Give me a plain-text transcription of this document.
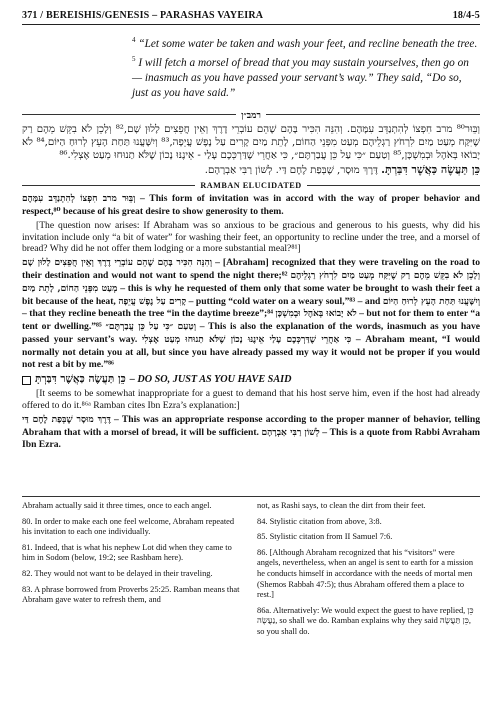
371 / BEREISHIS/GENESIS – PARASHAS VAYEIRA	18/4-5
$^4$ “Let some water be taken and wash your feet, and recline beneath the tree. $^5$ I will fetch a morsel of bread that you may sustain yourselves, then go on — inasmuch as you have passed your servant’s way.” They said, “Do so, just as you have said.”
רמב״ן
וְבֵּוּר⁸⁰ מרב חִפְצוֹ לְהִתְנַדֵּב עִמָּהֶם. וְהִנֵּה הִכִּיר בָּהֶם שֶׁהֵם עוֹבְרֵי דֶרֶךְ וְאֵין חֲפֵצִים לָלוּן שָׁם,⁸² וְלָכֵן לֹא בִקֵּשׁ מֵהֶם רַק שֶׁיִּקַּח מְעַט מַיִם לִרְחֹץ רַגְלֵיהֶם מְעַט מִפְּנֵי הַחוֹם, לָתֵת מַיִם קָרִים עַל נֶפֶשׁ עֲיֵפָה,⁸³ וְיִשָּׁעֲנוּ תַּחַת הָעֵץ לְרוּחַ הַיּוֹם,⁸⁴ לֹא יָבוֹאוּ בְּאֹהֶל וּבְמִשְׁכָּן,⁸⁵ וְטַעַם ״כִּי עַל כֵּן עֲבַרְתֶּם״, כִּי אַחֲרֵי שֶׁדַּרְכְּכֶם עָלַי - אֵינֶנּוּ נָכוֹן שֶׁלֹּא תַנוּחוּ מְעַט אֶצְלִי.⁸⁶
כֵּן תַּעֲשֶׂה כַּאֲשֶׁר דִּבַּרְתָּ. דֶּרֶךְ מוּסָר, שֶׁבְּפַת לֶחֶם דַּי. לְשׁוֹן רַבִּי אַבְרָהָם.
RAMBAN ELUCIDATED

וְבֵּוּר מרב חִפְצוֹ לְהִתְנַדֵּב עִמָּהֶם – This form of invitation was in accord with the way of proper behavior and respect,⁸⁰ because of his great desire to show generosity to them.

[The question now arises: If Abraham was so anxious to be gracious and generous to his guests, why did his invitation include only “a bit of water” for washing their feet, an opportunity to recline under the tree, and a morsel of bread? Why did he not offer them lodging or a more substantial meal?⁸¹]

וְהִנֵּה הִכִּיר בָּהֶם שֶׁהֵם עוֹבְרֵי דֶרֶךְ וְאֵין חֲפֵצִים לָלוּן שָׁם – [Abraham] recognized that they were traveling on the road to their destination and would not want to spend the night there;⁸² וְלָכֵן לֹא בִקֵּשׁ מֵהֶם רַק שֶׁיִּקַּח מְעַט מַיִם לִרְחֹץ רַגְלֵיהֶם מְעַט מִפְּנֵי הַחוֹם, לָתֵת מַיִם – this is why he requested of them only that some water be brought to wash their feet a bit because of the heat, קָרִים עַל נֶפֶשׁ עֲיֵפָה – putting “cold water on a weary soul,”⁸³ – and וְיִשָּׁעֲנוּ תַּחַת הָעֵץ לְרוּחַ הַיּוֹם – that they recline beneath the tree “in the daytime breeze”;⁸⁴ לֹא יָבוֹאוּ בְּאֹהֶל וּבְמִשְׁכָּן – but not for them to enter “a tent or dwelling.”⁸⁵ וְטַעַם ״כִּי עַל כֵּן עֲבַרְתֶּם״ – This is also the explanation of the words, inasmuch as you have passed your servant’s way. כִּי אַחֲרֵי שֶׁדַּרְכְּכֶם עָלַי אֵינֶנּוּ נָכוֹן שֶׁלֹּא תַנוּחוּ מְעַט אֶצְלִי – Abraham meant, “I would normally not detain you at all, but since you have already passed my way it would not be proper if you would not rest a bit by me.”⁸⁶

כֵּן תַּעֲשֶׂה כַּאֲשֶׁר דִּבַּרְתָּ – DO SO, JUST AS YOU HAVE SAID

[It seems to be somewhat inappropriate for a guest to demand that his host serve him, even if the host had already offered to do it.⁸⁶ᵃ Ramban cites Ibn Ezra’s explanation:]

דֶּרֶךְ מוּסָר שֶׁבְּפַת לֶחֶם דַּי – This was an appropriate response according to the proper manner of behavior, telling Abraham that with a morsel of bread, it will be sufficient. לְשׁוֹן רַבִּי אַבְרָהָם – This is a quote from Rabbi Avraham Ibn Ezra.

Abraham actually said it three times, once to each angel.

80. In order to make each one feel welcome, Abraham repeated his invitation to each one individually.

81. Indeed, that is what his nephew Lot did when they came to him in Sodom (below, 19:2; see Rashbam here).

82. They would not want to be delayed in their traveling.

83. A phrase borrowed from Proverbs 25:25. Ramban means that Abraham gave water to refresh them, and

not, as Rashi says, to clean the dirt from their feet.

84. Stylistic citation from above, 3:8.

85. Stylistic citation from II Samuel 7:6.

86. [Although Abraham recognized that his “visitors” were angels, nevertheless, when an angel is sent to earth for a mission he conducts himself in accordance with the needs of mortal men (Shemos Rabbah 47:5); thus Abraham offered them a place to rest.]

86a. Alternatively: We would expect the guest to have replied, כֵּן נַעֲשֶׂה, so shall we do. Ramban explains why they said כֵּן תַּעֲשֶׂה, so you shall do.
